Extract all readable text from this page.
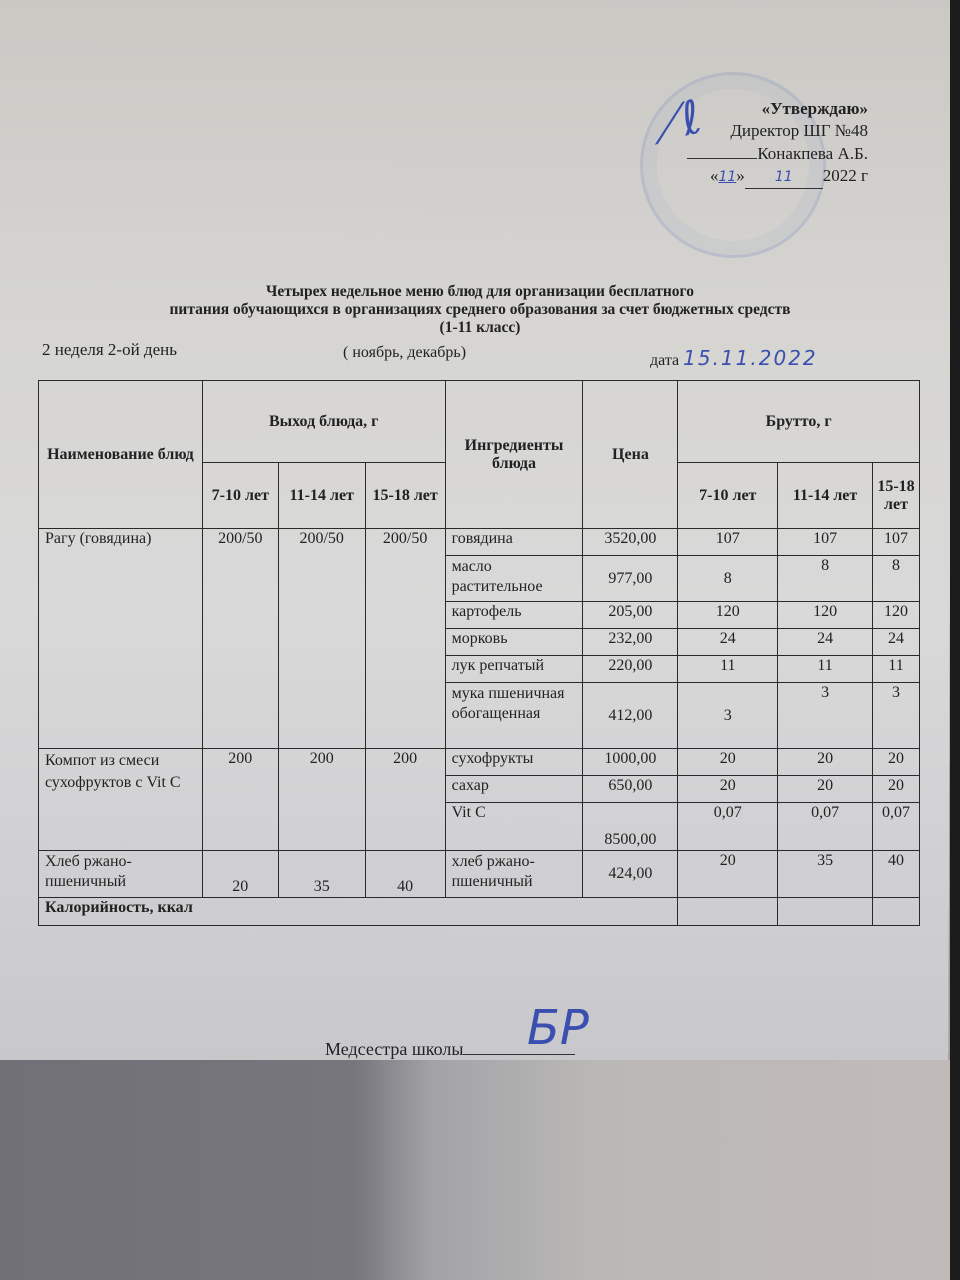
⟋ℓ	«Утверждаю»
Директор ШГ №48
Конакпева А.Б.
«11» 11 2022 г
Четырех недельное меню блюд для организации бесплатного
питания обучающихся в организациях среднего образования за счет бюджетных средств
(1-11 класс)
2 неделя 2-ой день	( ноябрь, декабрь)	дата 15.11.2022
Наименование блюд	Выход блюда, г			Ингредиенты блюда	Цена	Брутто, г		
	7-10 лет	11-14 лет	15-18 лет			7-10 лет	11-14 лет	15-18 лет
Рагу (говядина)	200/50	200/50	200/50	говядина	3520,00	107	107	107
				масло растительное	977,00	8	8	8
				картофель	205,00	120	120	120
				морковь	232,00	24	24	24
				лук репчатый	220,00	11	11	11
				мука пшеничная обогащенная	412,00	3	3	3
Компот из смеси сухофруктов с Vit C	200	200	200	сухофрукты	1000,00	20	20	20
				сахар	650,00	20	20	20
				Vit C	8500,00	0,07	0,07	0,07
Хлеб ржано-пшеничный	20	35	40	хлеб ржано-пшеничный	424,00	20	35	40
Калорийность, ккал								
Медсестра школы	БР
